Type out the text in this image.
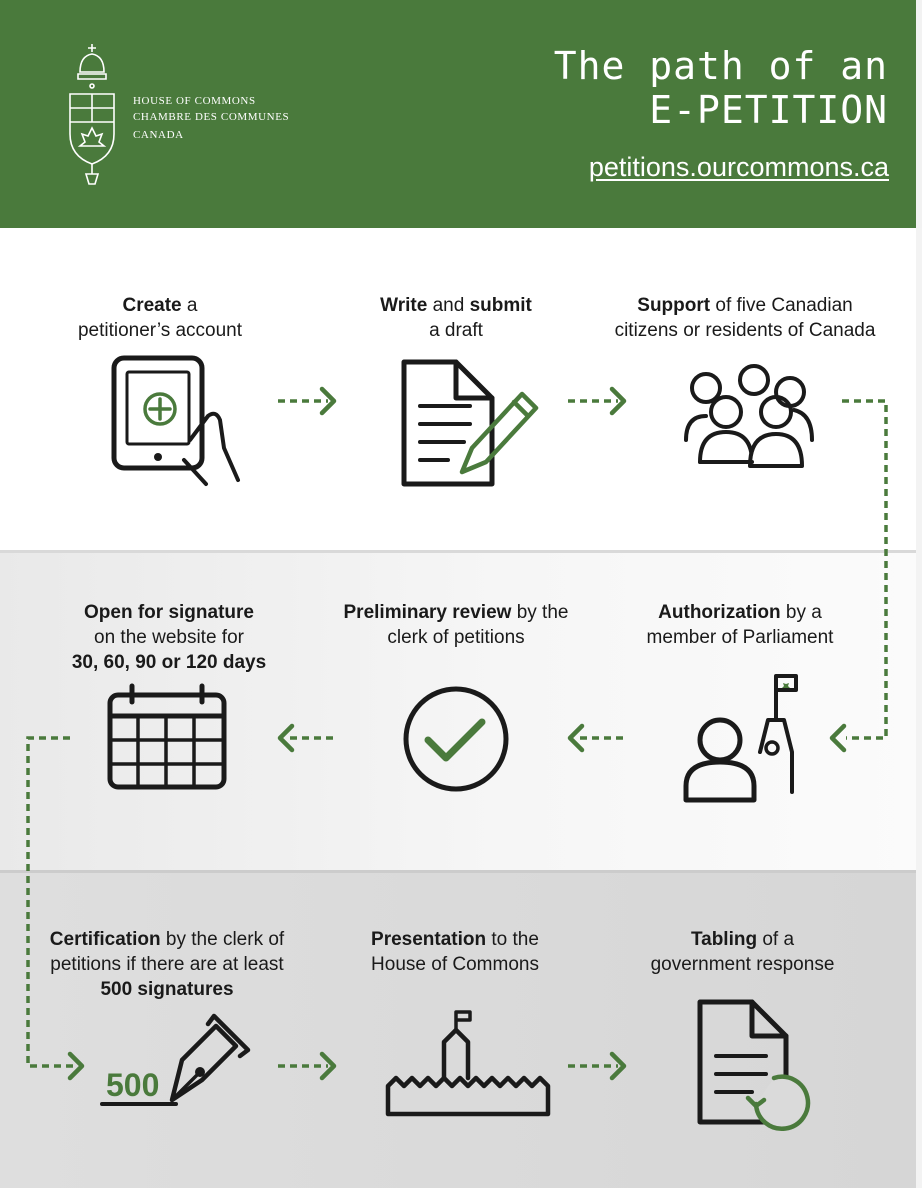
HOUSE OF COMMONS
CHAMBRE DES COMMUNES
CANADA
The path of an
E-PETITION
petitions.ourcommons.ca
Create a
petitioner’s account
Write and submit
a draft
Support of five Canadian
citizens or residents of Canada
Authorization by a
member of Parliament
Preliminary review by the
clerk of petitions
Open for signature
on the website for
30, 60, 90 or 120 days
Certification by the clerk of
petitions if there are at least
500 signatures
Presentation to the
House of Commons
Tabling of a
government response
500
